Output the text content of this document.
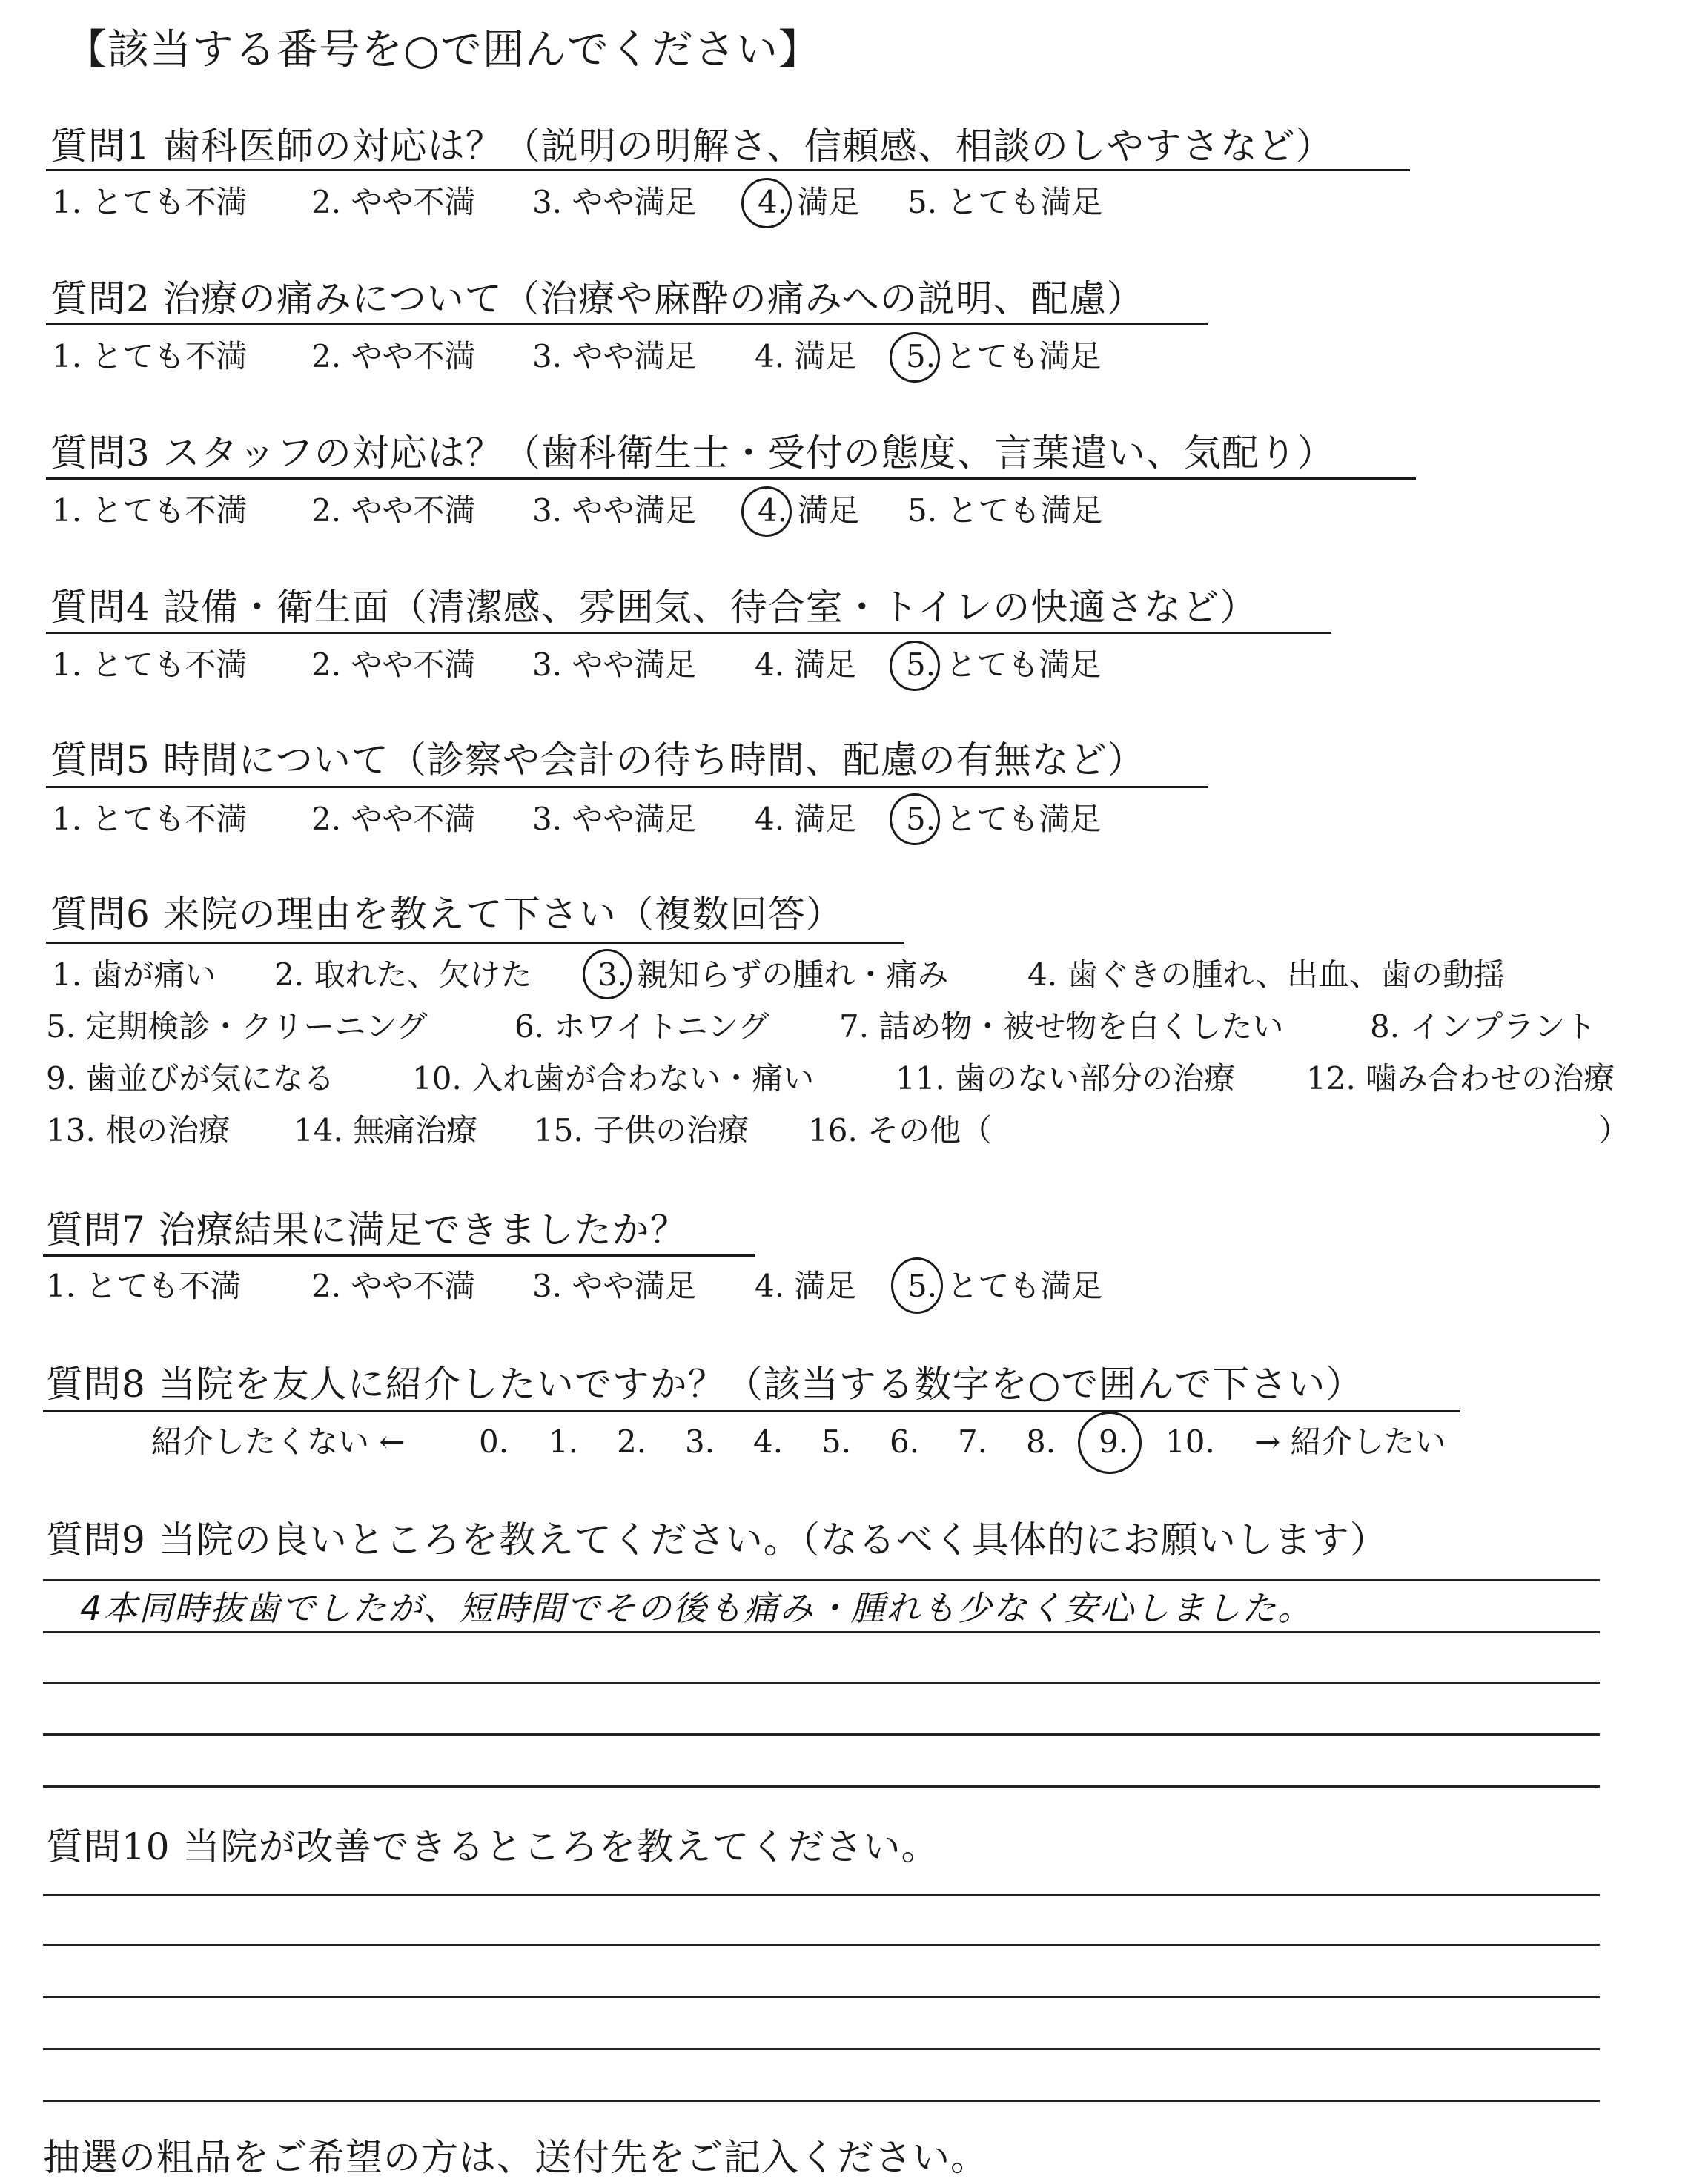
【該当する番号を○で囲んでください】
質問1 歯科医師の対応は？（説明の明解さ、信頼感、相談のしやすさなど）
1. とても不満 2. やや不満 3. やや満足 4. 満足 5. とても満足
質問2 治療の痛みについて（治療や麻酔の痛みへの説明、配慮）
1. とても不満 2. やや不満 3. やや満足 4. 満足 5. とても満足
質問3 スタッフの対応は？（歯科衛生士・受付の態度、言葉遣い、気配り）
1. とても不満 2. やや不満 3. やや満足 4. 満足 5. とても満足
質問4 設備・衛生面（清潔感、雰囲気、待合室・トイレの快適さなど）
1. とても不満 2. やや不満 3. やや満足 4. 満足 5. とても満足
質問5 時間について（診察や会計の待ち時間、配慮の有無など）
1. とても不満 2. やや不満 3. やや満足 4. 満足 5. とても満足
質問6 来院の理由を教えて下さい（複数回答）
1. 歯が痛い 2. 取れた、欠けた 3. 親知らずの腫れ・痛み	4. 歯ぐきの腫れ、出血、歯の動揺
5. 定期検診・クリーニング	6. ホワイトニング 7. 詰め物・被せ物を白くしたい	8. インプラント
9. 歯並びが気になる 10. 入れ歯が合わない・痛い	11. 歯のない部分の治療 12. 噛み合わせの治療
13. 根の治療 14. 無痛治療 15. 子供の治療 16. その他（	）
質問7 治療結果に満足できましたか？
1. とても不満 2. やや不満 3. やや満足 4. 満足 5. とても満足
質問8 当院を友人に紹介したいですか？（該当する数字を○で囲んで下さい）
紹介したくない ← 0. 1. 2. 3. 4. 5. 6. 7. 8. 9. 10. → 紹介したい
質問9 当院の良いところを教えてください。（なるべく具体的にお願いします）
4本同時抜歯でしたが、短時間でその後も痛み・腫れも少なく安心しました。
質問10 当院が改善できるところを教えてください。
抽選の粗品をご希望の方は、送付先をご記入ください。
